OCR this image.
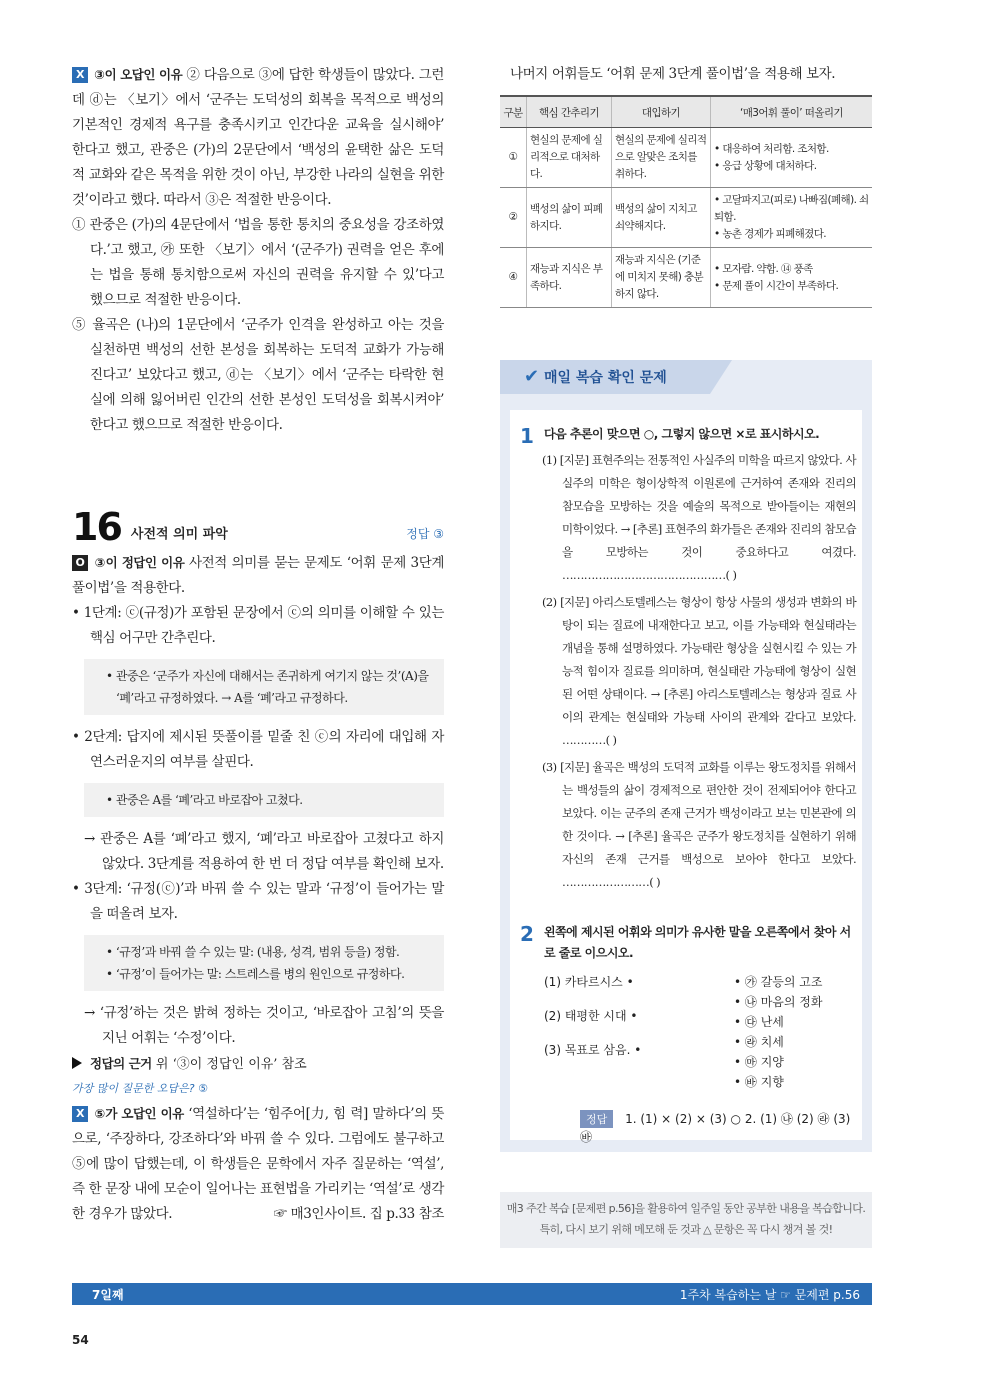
X ③이 오답인 이유 ② 다음으로 ③에 답한 학생들이 많았다. 그런데 ⓓ는 〈보기〉에서 ‘군주는 도덕성의 회복을 목적으로 백성의 기본적인 경제적 욕구를 충족시키고 인간다운 교육을 실시해야’ 한다고 했고, 관중은 (가)의 2문단에서 ‘백성의 윤택한 삶은 도덕적 교화와 같은 목적을 위한 것이 아닌, 부강한 나라의 실현을 위한 것’이라고 했다. 따라서 ③은 적절한 반응이다.

① 관중은 (가)의 4문단에서 ‘법을 통한 통치의 중요성을 강조하였다.’고 했고, ㉮ 또한 〈보기〉에서 ‘(군주가) 권력을 얻은 후에는 법을 통해 통치함으로써 자신의 권력을 유지할 수 있’다고 했으므로 적절한 반응이다.

⑤ 율곡은 (나)의 1문단에서 ‘군주가 인격을 완성하고 아는 것을 실천하면 백성의 선한 본성을 회복하는 도덕적 교화가 가능해진다고’ 보았다고 했고, ⓓ는 〈보기〉에서 ‘군주는 타락한 현실에 의해 잃어버린 인간의 선한 본성인 도덕성을 회복시켜야’ 한다고 했으므로 적절한 반응이다.

16 사전적 의미 파악	정답 ③

O ③이 정답인 이유 사전적 의미를 묻는 문제도 ‘어휘 문제 3단계 풀이법’을 적용한다.

• 1단계: ⓒ(규정)가 포함된 문장에서 ⓒ의 의미를 이해할 수 있는 핵심 어구만 간추린다.

• 관중은 ‘군주가 자신에 대해서는 존귀하게 여기지 않는 것’(A)을 ‘폐’라고 규정하였다. → A를 ‘폐’라고 규정하다.

• 2단계: 답지에 제시된 뜻풀이를 밑줄 친 ⓒ의 자리에 대입해 자연스러운지의 여부를 살핀다.

• 관중은 A를 ‘폐’라고 바로잡아 고쳤다.

→ 관중은 A를 ‘폐’라고 했지, ‘폐’라고 바로잡아 고쳤다고 하지 않았다. 3단계를 적용하여 한 번 더 정답 여부를 확인해 보자.

• 3단계: ‘규정(ⓒ)’과 바꿔 쓸 수 있는 말과 ‘규정’이 들어가는 말을 떠올려 보자.

• ‘규정’과 바꿔 쓸 수 있는 말: (내용, 성격, 범위 등을) 정함.

• ‘규정’이 들어가는 말: 스트레스를 병의 원인으로 규정하다.

→ ‘규정’하는 것은 밝혀 정하는 것이고, ‘바로잡아 고침’의 뜻을 지닌 어휘는 ‘수정’이다.

정답의 근거 위 ‘③이 정답인 이유’ 참조

가장 많이 질문한 오답은? ⑤

X ⑤가 오답인 이유 ‘역설하다’는 ‘힘주어[力, 힘 력] 말하다’의 뜻으로, ‘주장하다, 강조하다’와 바꿔 쓸 수 있다. 그럼에도 불구하고 ⑤에 많이 답했는데, 이 학생들은 문학에서 자주 질문하는 ‘역설’, 즉 한 문장 내에 모순이 일어나는 표현법을 가리키는 ‘역설’로 생각한 경우가 많았다.	☞ 매3인사이트. 집 p.33 참조

나머지 어휘들도 ‘어휘 문제 3단계 풀이법’을 적용해 보자.

구분	핵심 간추리기	대입하기	‘매3어휘 풀이’ 떠올리기
①	현실의 문제에 실리적으로 대처하다.	현실의 문제에 실리적으로 알맞은 조치를 취하다.	• 대응하여 처리함. 조처함.
• 응급 상황에 대처하다.
②	백성의 삶이 피폐하지다.	백성의 삶이 지치고 쇠약해지다.	• 고달파지고(피로) 나빠짐(폐해). 쇠퇴함.
• 농촌 경제가 피폐해졌다.
④	재능과 지식은 부족하다.	재능과 지식은 (기준에 미치지 못해) 충분하지 않다.	• 모자람. 약함. ⑭ 풍족
• 문제 풀이 시간이 부족하다.
✔ 매일 복습 확인 문제
1 다음 추론이 맞으면 ○, 그렇지 않으면 ×로 표시하시오.

(1) [지문] 표현주의는 전통적인 사실주의 미학을 따르지 않았다. 사실주의 미학은 형이상학적 이원론에 근거하여 존재와 진리의 참모습을 모방하는 것을 예술의 목적으로 받아들이는 재현의 미학이었다. → [추론] 표현주의 화가들은 존재와 진리의 참모습을 모방하는 것이 중요하다고 여겼다. ………………………………………( )

(2) [지문] 아리스토텔레스는 형상이 항상 사물의 생성과 변화의 바탕이 되는 질료에 내재한다고 보고, 이를 가능태와 현실태라는 개념을 통해 설명하였다. 가능태란 형상을 실현시킬 수 있는 가능적 힘이자 질료를 의미하며, 현실태란 가능태에 형상이 실현된 어떤 상태이다. → [추론] 아리스토텔레스는 형상과 질료 사이의 관계는 현실태와 가능태 사이의 관계와 같다고 보았다. …………( )

(3) [지문] 율곡은 백성의 도덕적 교화를 이루는 왕도정치를 위해서는 백성들의 삶이 경제적으로 편안한 것이 전제되어야 한다고 보았다. 이는 군주의 존재 근거가 백성이라고 보는 민본관에 의한 것이다. → [추론] 율곡은 군주가 왕도정치를 실현하기 위해 자신의 존재 근거를 백성으로 보아야 한다고 보았다. ……………………( )

2 왼쪽에 제시된 어휘와 의미가 유사한 말을 오른쪽에서 찾아 서로 줄로 이으시오.
(1) 카타르시스 •
(2) 태평한 시대 •
(3) 목표로 삼음. •
• ㉮ 갈등의 고조
• ㉯ 마음의 정화
• ㉰ 난세
• ㉱ 치세
• ㉲ 지양
• ㉳ 지향
정답 1. (1) × (2) × (3) ○ 2. (1) ㉯ (2) ㉱ (3) ㉳
매3 주간 복습 [문제편 p.56]을 활용하여 일주일 동안 공부한 내용을 복습합니다.
특히, 다시 보기 위해 메모해 둔 것과 △ 문항은 꼭 다시 챙겨 볼 것!
7일째	1주차 복습하는 날 ☞ 문제편 p.56
54
